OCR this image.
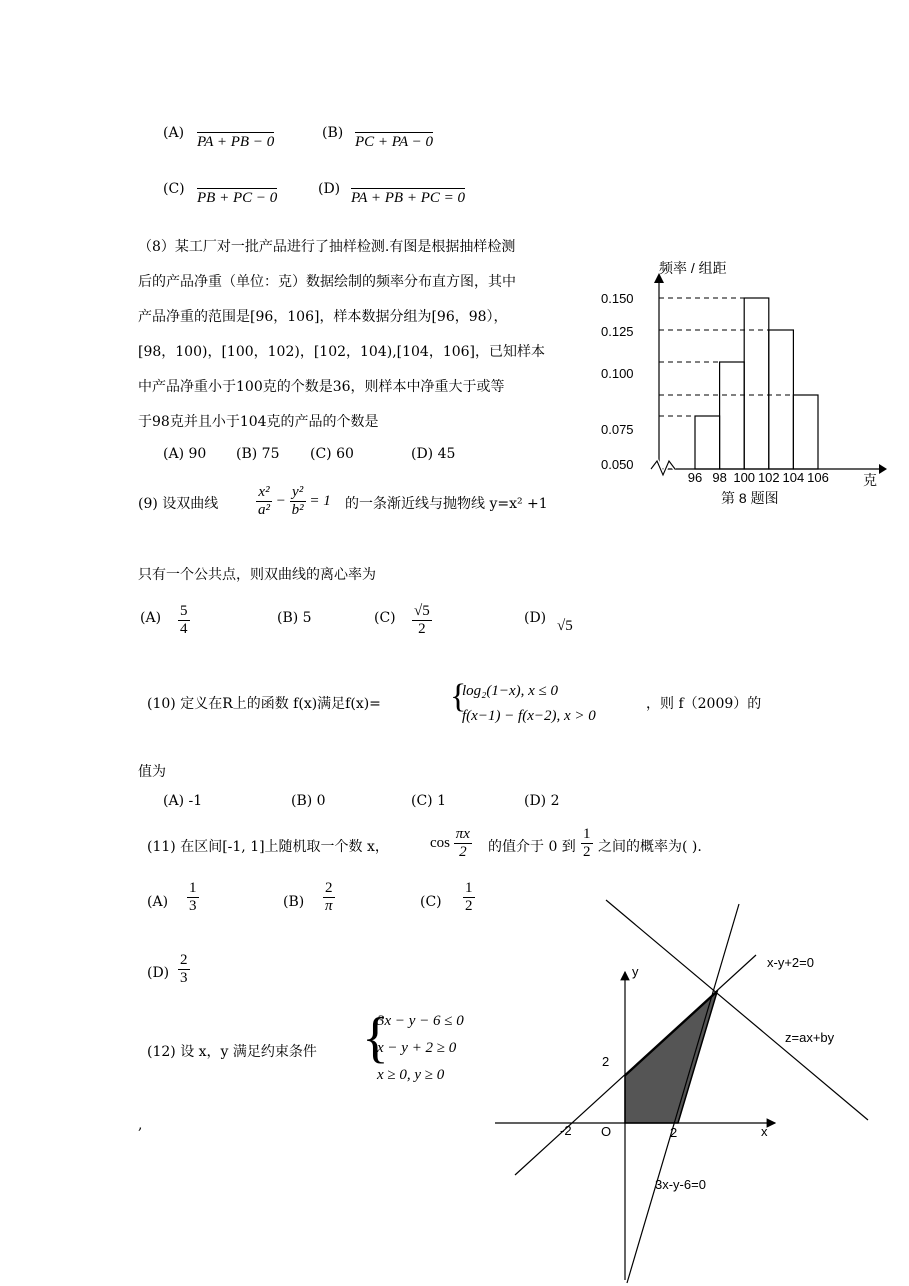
(A)
PA + PB − 0
(B)
PC + PA − 0
(C)
PB + PC − 0
(D)
PA + PB + PC = 0
（8）某工厂对一批产品进行了抽样检测.有图是根据抽样检测
后的产品净重（单位：克）数据绘制的频率分布直方图，其中
产品净重的范围是[96，106]，样本数据分组为[96，98），
[98，100)，[100，102)，[102，104),[104，106]，已知样本
中产品净重小于100克的个数是36，则样本中净重大于或等
于98克并且小于104克的产品的个数是
(A) 90 (B) 75 (C) 60	(D) 45
频率 / 组距
克
第 8 题图
0.050
0.075
0.100
0.125
0.150
96 98 100 102 104 106
(9) 设双曲线	$\frac{\text{x²}}{\text{a²}} - \frac{\text{y²}}{\text{b²}} = 1$ 的一条渐近线与抛物线 y=x² +1
只有一个公共点，则双曲线的离心率为
$(A) \frac{5}{4}$	(B) 5	$(C) \frac{√5}{2}$	(D) √5
(10) 定义在R上的函数 f(x)满足f(x)= {
log₂(1−x), x ≤ 0
f(x−1) − f(x−2), x > 0
，则 f（2009）的
值为
(A) -1	(B) 0	(C) 1	(D) 2
(11) 在区间[-1, 1]上随机取一个数 x，	$\cos \frac{\pi x}{2}$ 的值介于 0 到 $\frac{1}{2}$ 之间的概率为( ).
$(A) \frac{1}{3}$	$(B) \frac{2}{\pi}$	$(C) \frac{1}{2}$
$(D) \frac{2}{3}$
(12) 设 x，y 满足约束条件 {
3x − y − 6 ≤ 0
x − y + 2 ≥ 0
x ≥ 0, y ≥ 0
,
x-y+2=0
z=ax+by
3x-y-6=0
x
y
O
-2	2
2
